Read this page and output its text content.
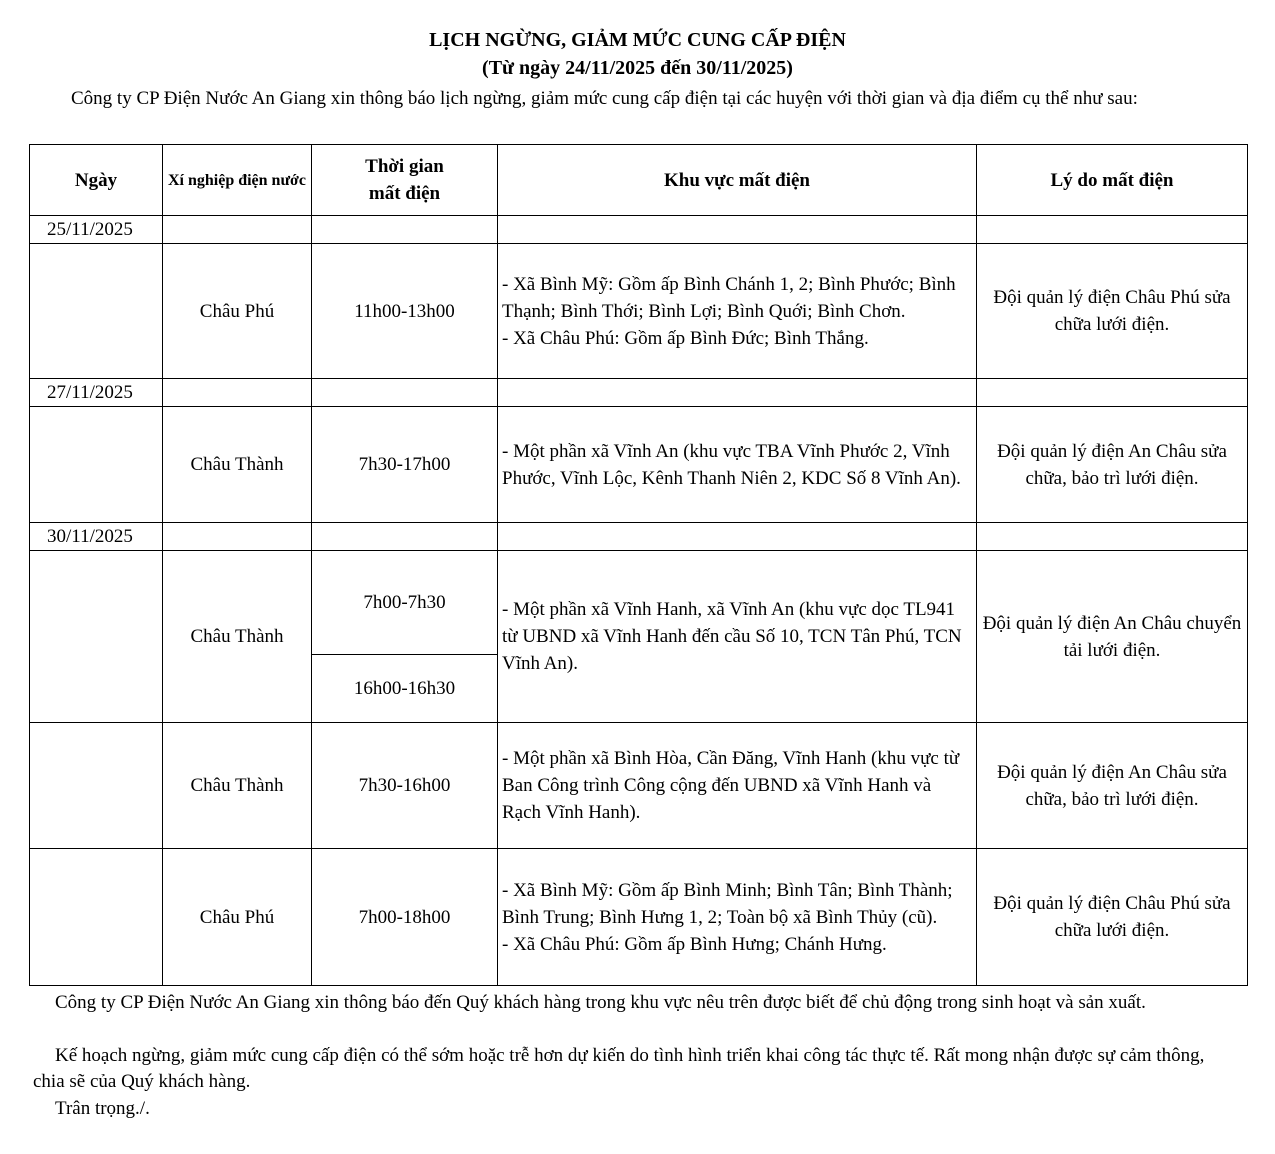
LỊCH NGỪNG, GIẢM MỨC CUNG CẤP ĐIỆN
(Từ ngày 24/11/2025 đến 30/11/2025)
Công ty CP Điện Nước An Giang xin thông báo lịch ngừng, giảm mức cung cấp điện tại các huyện với thời gian và địa điểm cụ thể như sau:
Ngày	Xí nghiệp điện nước	Thời gian
mất điện	Khu vực mất điện	Lý do mất điện
25/11/2025				
	Châu Phú	11h00-13h00	- Xã Bình Mỹ: Gồm ấp Bình Chánh 1, 2; Bình Phước; Bình Thạnh; Bình Thới; Bình Lợi; Bình Quới; Bình Chơn.
- Xã Châu Phú: Gồm ấp Bình Đức; Bình Thắng.	Đội quản lý điện Châu Phú sửa chữa lưới điện.
27/11/2025				
	Châu Thành	7h30-17h00	- Một phần xã Vĩnh An (khu vực TBA Vĩnh Phước 2, Vĩnh Phước, Vĩnh Lộc, Kênh Thanh Niên 2, KDC Số 8 Vĩnh An).	Đội quản lý điện An Châu sửa chữa, bảo trì lưới điện.
30/11/2025				
	Châu Thành	7h00-7h30	- Một phần xã Vĩnh Hanh, xã Vĩnh An (khu vực dọc TL941 từ UBND xã Vĩnh Hanh đến cầu Số 10, TCN Tân Phú, TCN Vĩnh An).	Đội quản lý điện An Châu chuyển tải lưới điện.
		16h00-16h30		
	Châu Thành	7h30-16h00	- Một phần xã Bình Hòa, Cần Đăng, Vĩnh Hanh (khu vực từ Ban Công trình Công cộng đến UBND xã Vĩnh Hanh và Rạch Vĩnh Hanh).	Đội quản lý điện An Châu sửa chữa, bảo trì lưới điện.
	Châu Phú	7h00-18h00	- Xã Bình Mỹ: Gồm ấp Bình Minh; Bình Tân; Bình Thành; Bình Trung; Bình Hưng 1, 2; Toàn bộ xã Bình Thủy (cũ).
- Xã Châu Phú: Gồm ấp Bình Hưng; Chánh Hưng.	Đội quản lý điện Châu Phú sửa chữa lưới điện.
Công ty CP Điện Nước An Giang xin thông báo đến Quý khách hàng trong khu vực nêu trên được biết để chủ động trong sinh hoạt và sản xuất.
Kế hoạch ngừng, giảm mức cung cấp điện có thể sớm hoặc trễ hơn dự kiến do tình hình triển khai công tác thực tế. Rất mong nhận được sự cảm thông, chia sẽ của Quý khách hàng.
Trân trọng./.
